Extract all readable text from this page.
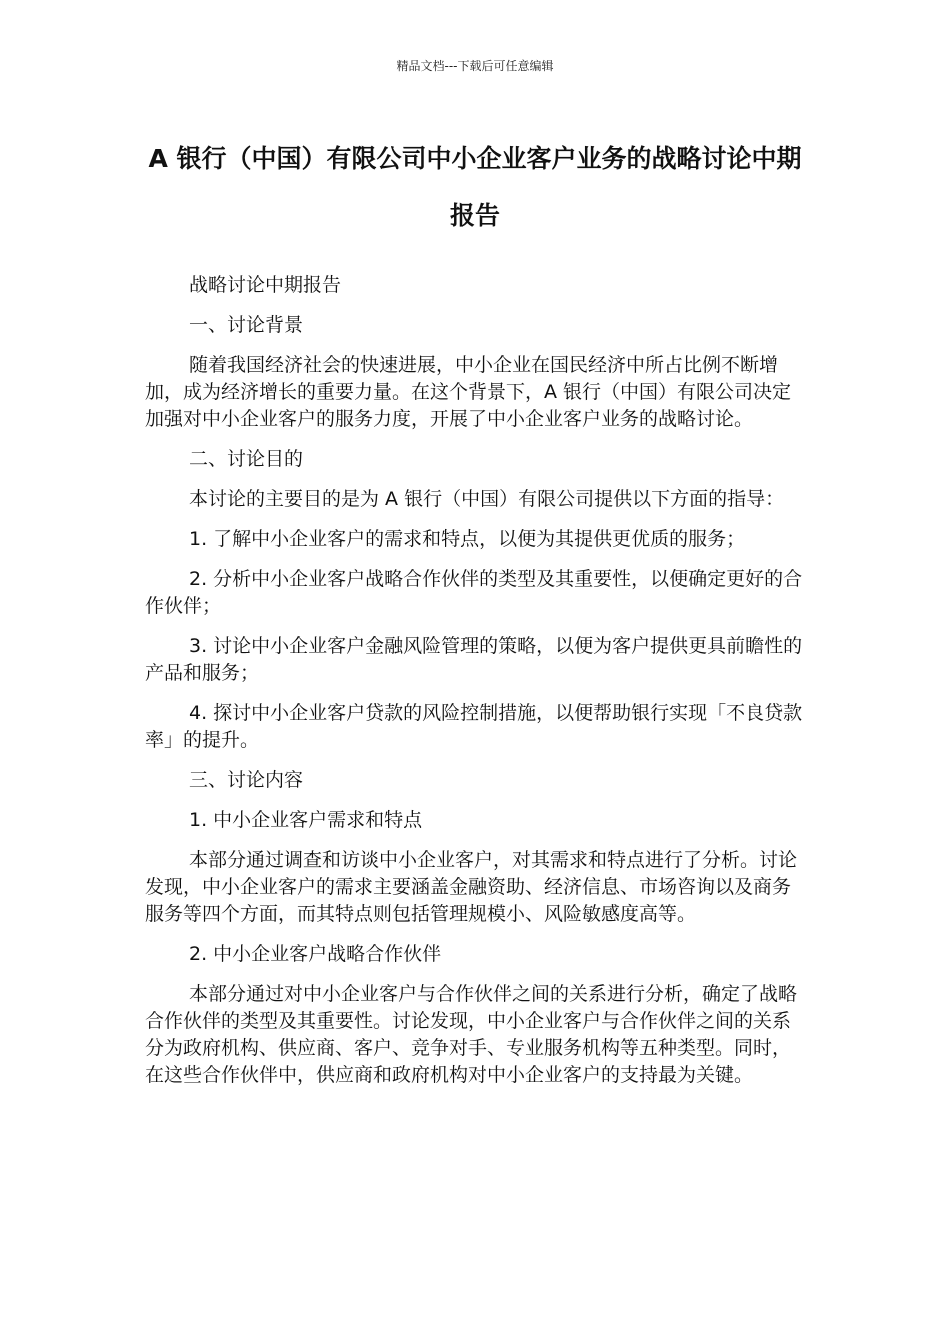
精品文档---下载后可任意编辑
A 银行（中国）有限公司中小企业客户业务的战略讨论中期报告

战略讨论中期报告

一、讨论背景

随着我国经济社会的快速进展，中小企业在国民经济中所占比例不断增加，成为经济增长的重要力量。在这个背景下，A 银行（中国）有限公司决定加强对中小企业客户的服务力度，开展了中小企业客户业务的战略讨论。

二、讨论目的

本讨论的主要目的是为 A 银行（中国）有限公司提供以下方面的指导：

1. 了解中小企业客户的需求和特点，以便为其提供更优质的服务；

2. 分析中小企业客户战略合作伙伴的类型及其重要性，以便确定更好的合作伙伴；

3. 讨论中小企业客户金融风险管理的策略，以便为客户提供更具前瞻性的产品和服务；

4. 探讨中小企业客户贷款的风险控制措施，以便帮助银行实现「不良贷款率」的提升。

三、讨论内容

1. 中小企业客户需求和特点

本部分通过调查和访谈中小企业客户，对其需求和特点进行了分析。讨论发现，中小企业客户的需求主要涵盖金融资助、经济信息、市场咨询以及商务服务等四个方面，而其特点则包括管理规模小、风险敏感度高等。

2. 中小企业客户战略合作伙伴

本部分通过对中小企业客户与合作伙伴之间的关系进行分析，确定了战略合作伙伴的类型及其重要性。讨论发现，中小企业客户与合作伙伴之间的关系分为政府机构、供应商、客户、竞争对手、专业服务机构等五种类型。同时，在这些合作伙伴中，供应商和政府机构对中小企业客户的支持最为关键。
